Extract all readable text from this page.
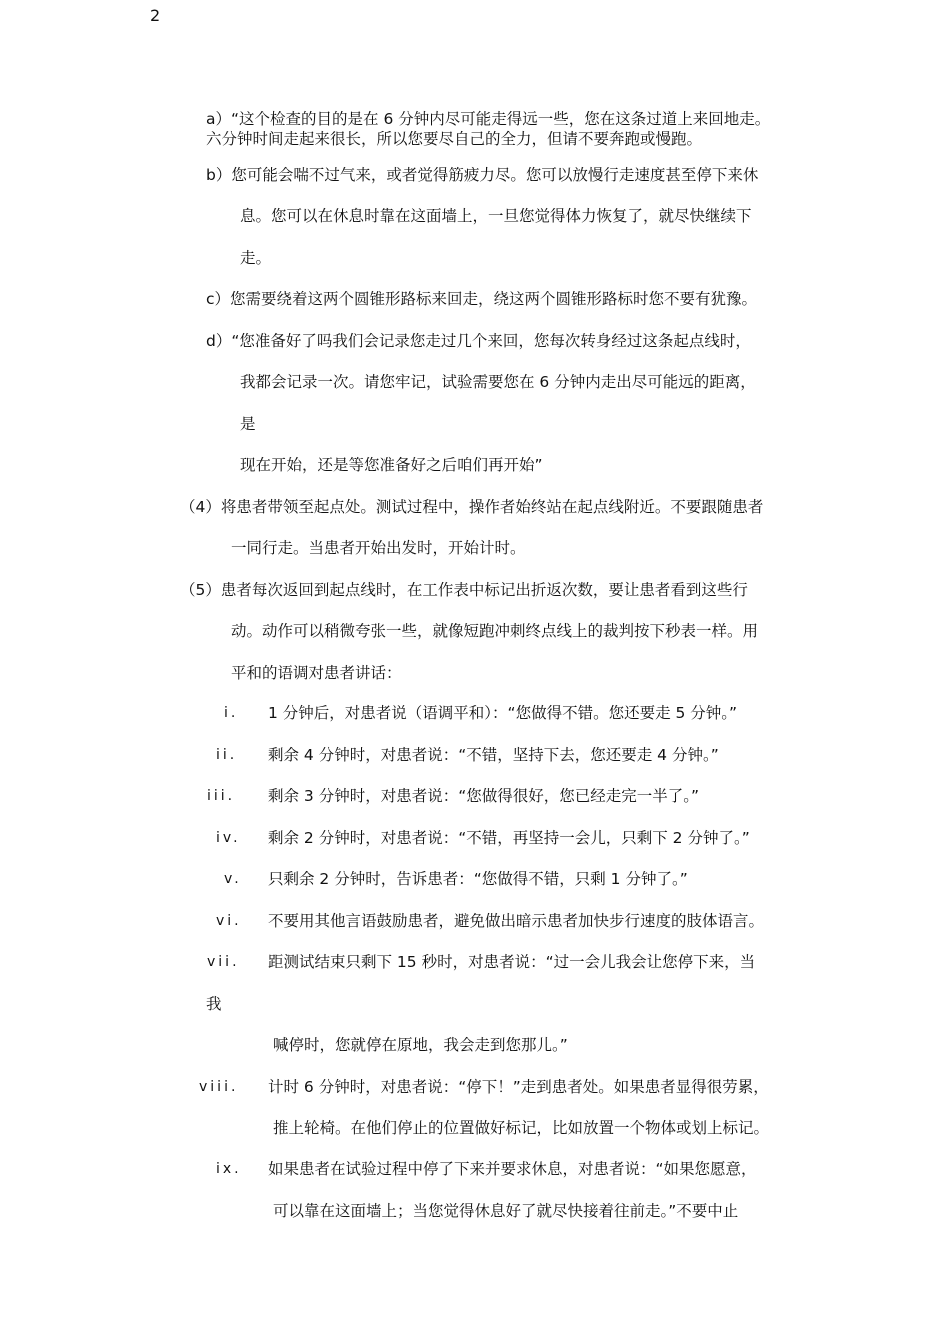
2
a）“这个检查的目的是在 6 分钟内尽可能走得远一些，您在这条过道上来回地走。
六分钟时间走起来很长，所以您要尽自己的全力，但请不要奔跑或慢跑。
b）您可能会喘不过气来，或者觉得筋疲力尽。您可以放慢行走速度甚至停下来休
息。您可以在休息时靠在这面墙上，一旦您觉得体力恢复了，就尽快继续下
走。
c）您需要绕着这两个圆锥形路标来回走，绕这两个圆锥形路标时您不要有犹豫。
d）“您准备好了吗我们会记录您走过几个来回，您每次转身经过这条起点线时，
我都会记录一次。请您牢记，试验需要您在 6 分钟内走出尽可能远的距离，
是
现在开始，还是等您准备好之后咱们再开始”
（4）将患者带领至起点处。测试过程中，操作者始终站在起点线附近。不要跟随患者
一同行走。当患者开始出发时，开始计时。
（5）患者每次返回到起点线时，在工作表中标记出折返次数，要让患者看到这些行
动。动作可以稍微夸张一些，就像短跑冲刺终点线上的裁判按下秒表一样。用
平和的语调对患者讲话：
i. 1 分钟后，对患者说（语调平和）：“您做得不错。您还要走 5 分钟。”
ii. 剩余 4 分钟时，对患者说：“不错，坚持下去，您还要走 4 分钟。”
iii. 剩余 3 分钟时，对患者说：“您做得很好，您已经走完一半了。”
iv. 剩余 2 分钟时，对患者说：“不错，再坚持一会儿，只剩下 2 分钟了。”
v. 只剩余 2 分钟时，告诉患者：“您做得不错，只剩 1 分钟了。”
vi. 不要用其他言语鼓励患者，避免做出暗示患者加快步行速度的肢体语言。
vii. 距测试结束只剩下 15 秒时，对患者说：“过一会儿我会让您停下来，当
我
喊停时，您就停在原地，我会走到您那儿。”
viii. 计时 6 分钟时，对患者说：“停下！”走到患者处。如果患者显得很劳累，
推上轮椅。在他们停止的位置做好标记，比如放置一个物体或划上标记。
ix. 如果患者在试验过程中停了下来并要求休息，对患者说：“如果您愿意，
可以靠在这面墙上；当您觉得休息好了就尽快接着往前走。”不要中止
